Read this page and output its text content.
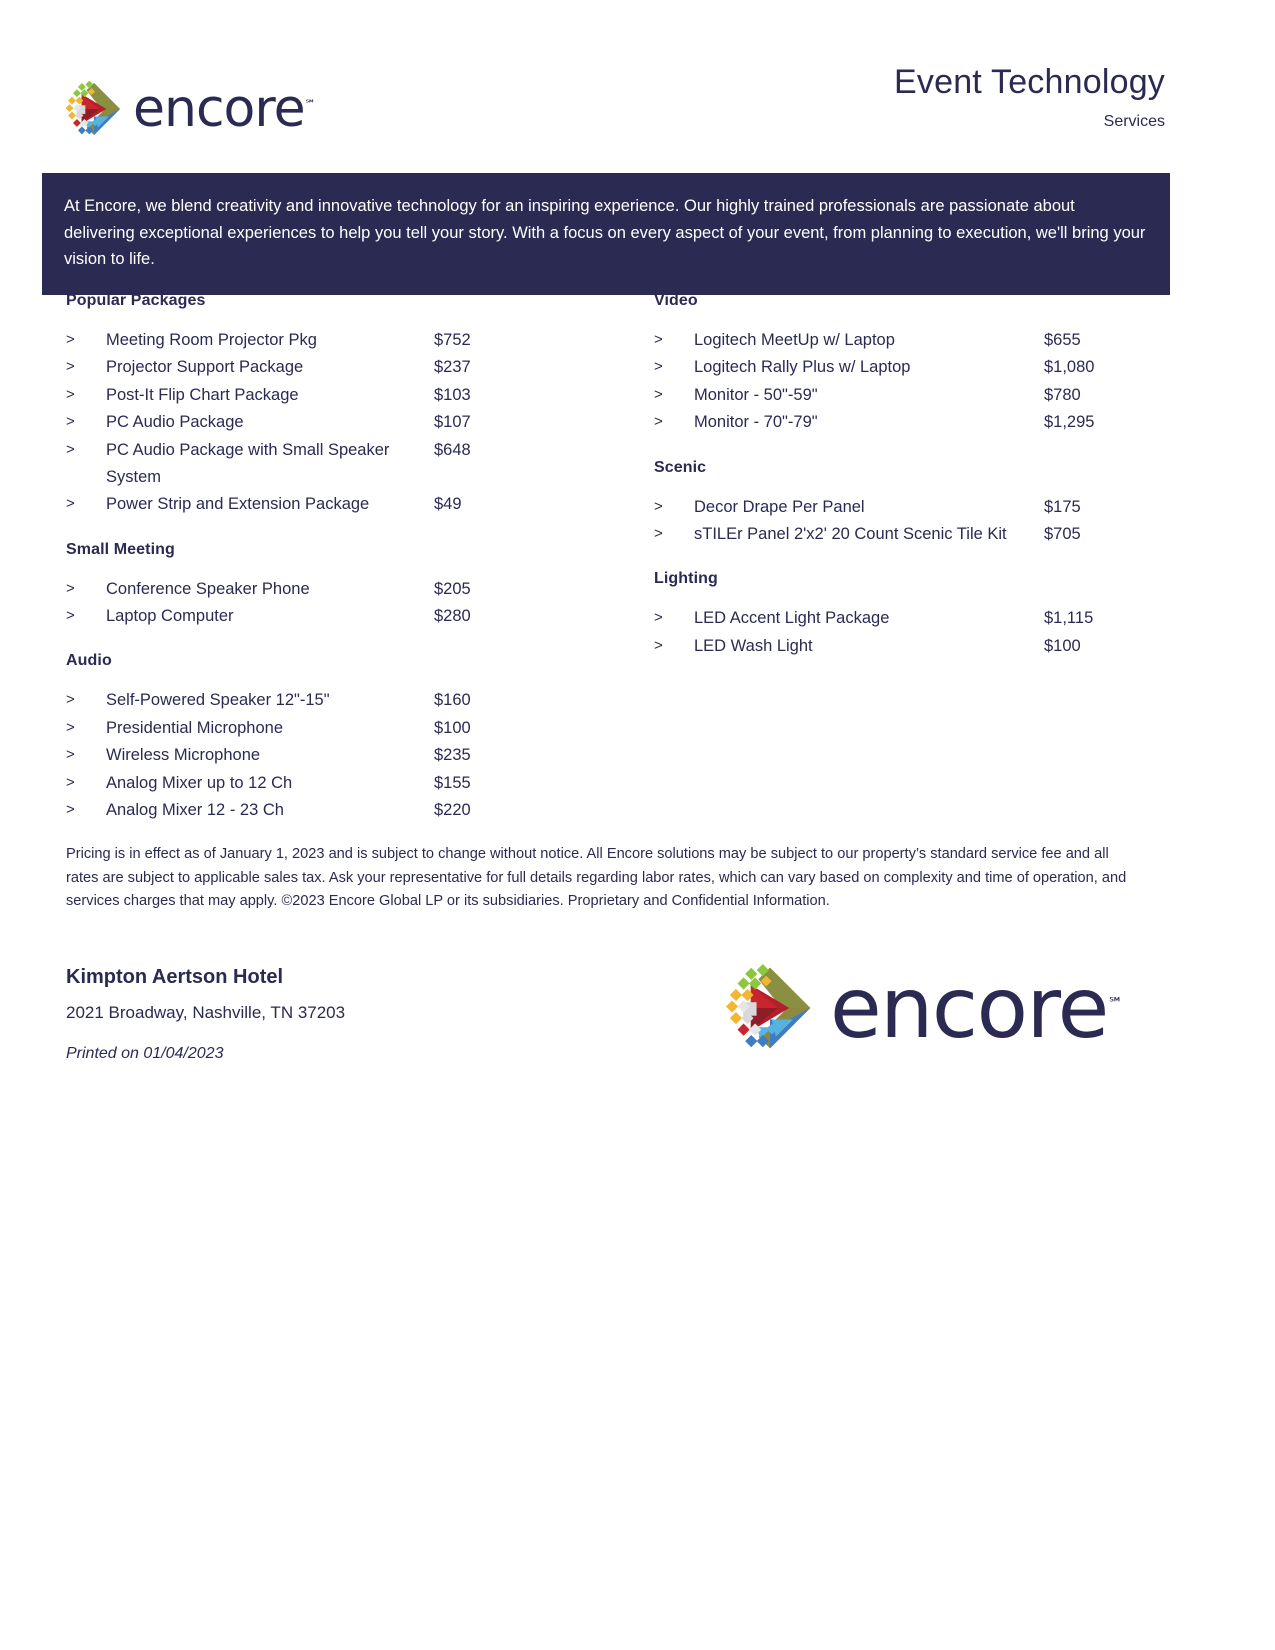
encore℠
Event Technology
Services

At Encore, we blend creativity and innovative technology for an inspiring experience. Our highly trained professionals are passionate about delivering exceptional experiences to help you tell your story. With a focus on every aspect of your event, from planning to execution, we'll bring your vision to life.

Popular Packages
>	Meeting Room Projector Pkg	$752
>	Projector Support Package	$237
>	Post-It Flip Chart Package	$103
>	PC Audio Package	$107
>	PC Audio Package with Small Speaker System
$648
>	Power Strip and Extension Package	$49
Small Meeting
>	Conference Speaker Phone	$205
>	Laptop Computer	$280
Audio
>	Self-Powered Speaker 12"-15"	$160
>	Presidential Microphone	$100
>	Wireless Microphone	$235
>	Analog Mixer up to 12 Ch	$155
>	Analog Mixer 12 - 23 Ch	$220
Video
>	Logitech MeetUp w/ Laptop	$655
>	Logitech Rally Plus w/ Laptop	$1,080
>	Monitor - 50"-59"	$780
>	Monitor - 70"-79"	$1,295
Scenic
>	Decor Drape Per Panel	$175
>	sTILEr Panel 2'x2' 20 Count Scenic Tile Kit	$705
Lighting
>	LED Accent Light Package	$1,115
>	LED Wash Light	$100
Pricing is in effect as of January 1, 2023 and is subject to change without notice. All Encore solutions may be subject to our property’s standard service fee and all rates are subject to applicable sales tax. Ask your representative for full details regarding labor rates, which can vary based on complexity and time of operation, and services charges that may apply. ©2023 Encore Global LP or its subsidiaries. Proprietary and Confidential Information.
Kimpton Aertson Hotel
2021 Broadway, Nashville, TN 37203
Printed on 01/04/2023	encore℠
